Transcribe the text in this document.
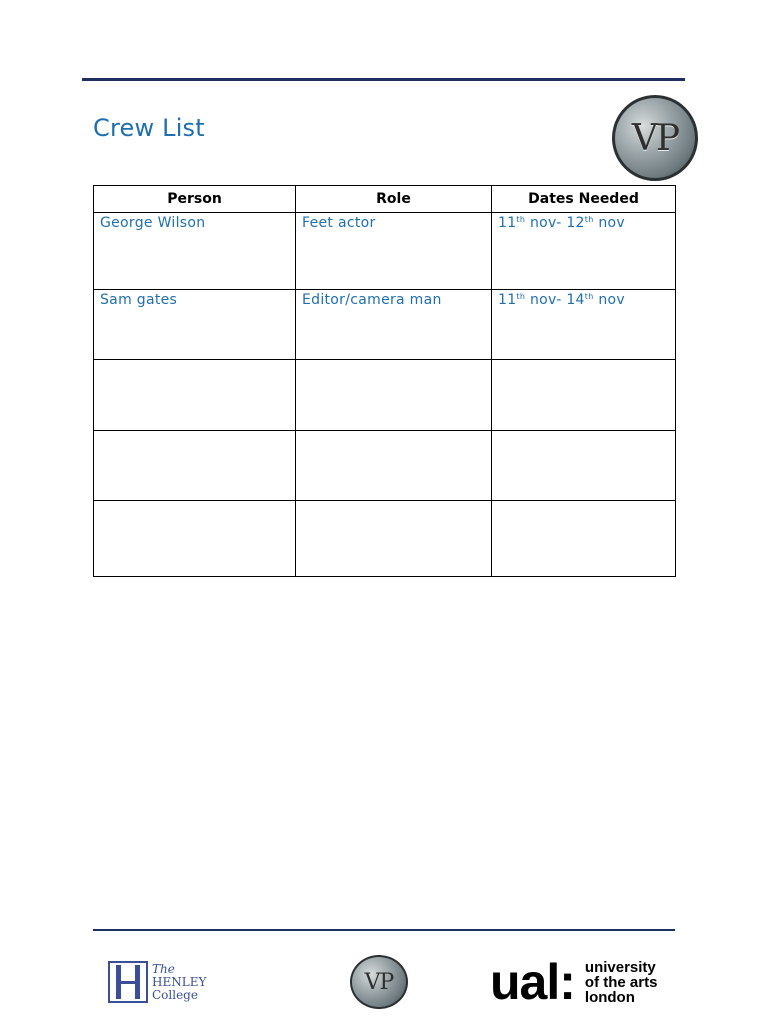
Crew List	VP
Person	Role	Dates Needed
George Wilson	Feet actor	11th nov- 12th nov
Sam gates	Editor/camera man	11th nov- 14th nov

The
HENLEY
College	VP ual: university
of the arts
london
